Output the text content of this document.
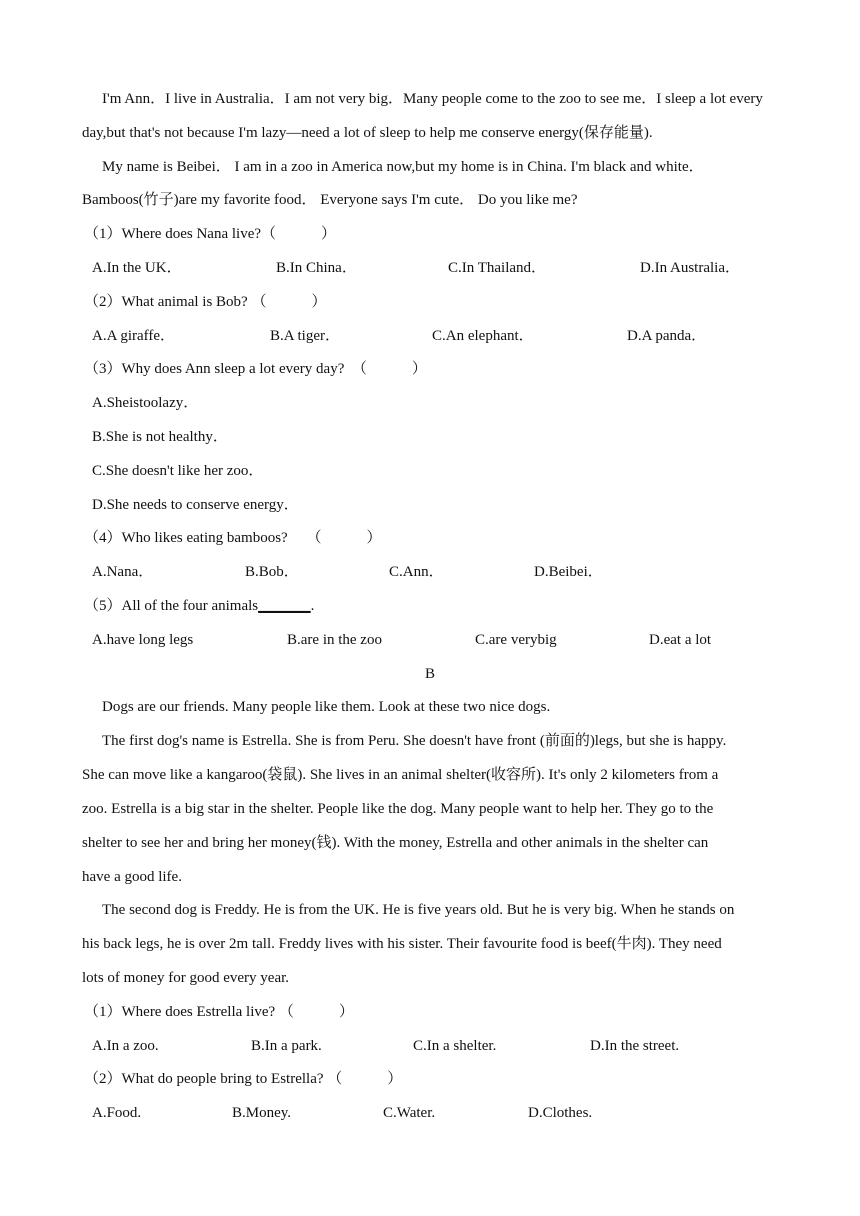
I'm Ann．I live in Australia．I am not very big．Many people come to the zoo to see me．I sleep a lot every
day,but that's not because I'm lazy—need a lot of sleep to help me conserve energy(保存能量).
My name is Beibei． I am in a zoo in America now,but my home is in China. I'm black and white．
Bamboos(竹子)are my favorite food． Everyone says I'm cute． Do you like me?
（1）Where does Nana live?（　　　）
A.In the UK．	B.In China．	C.In Thailand．	D.In Australia．
（2）What animal is Bob? （　　　）
A.A giraffe．	B.A tiger．	C.An elephant．	D.A panda．
（3）Why does Ann sleep a lot every day?　（　　　）
A.Sheistoolazy．
B.She is not healthy．
C.She doesn't like her zoo．
D.She needs to conserve energy．
（4）Who likes eating bamboos?　 （　　　）
A.Nana．	B.Bob．	C.Ann．	D.Beibei．
（5）All of the four animals_______.
A.have long legs	B.are in the zoo	C.are verybig	D.eat a lot
B
Dogs are our friends. Many people like them. Look at these two nice dogs.
The first dog's name is Estrella. She is from Peru. She doesn't have front (前面的)legs, but she is happy.
She can move like a kangaroo(袋鼠). She lives in an animal shelter(收容所). It's only 2 kilometers from a
zoo. Estrella is a big star in the shelter. People like the dog. Many people want to help her. They go to the
shelter to see her and bring her money(钱). With the money, Estrella and other animals in the shelter can
have a good life.
The second dog is Freddy. He is from the UK. He is five years old. But he is very big. When he stands on
his back legs, he is over 2m tall. Freddy lives with his sister. Their favourite food is beef(牛肉). They need
lots of money for good every year.
（1）Where does Estrella live? （　　　）
A.In a zoo.	B.In a park.	C.In a shelter.	D.In the street.
（2）What do people bring to Estrella? （　　　）
A.Food.	B.Money.	C.Water.	D.Clothes.
